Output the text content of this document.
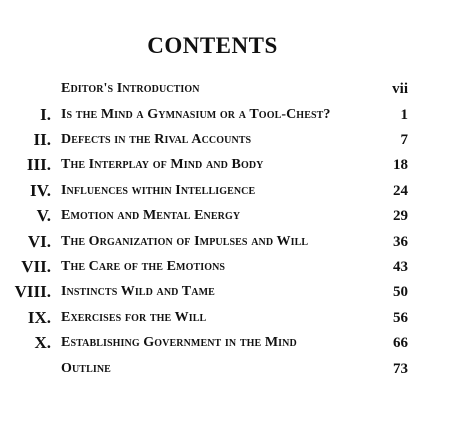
CONTENTS
Editor's Introduction	vii
I. Is the Mind a Gymnasium or a Tool-Chest?	1
II. Defects in the Rival Accounts	7
III. The Interplay of Mind and Body	18
IV. Influences within Intelligence	24
V. Emotion and Mental Energy	29
VI. The Organization of Impulses and Will	36
VII. The Care of the Emotions	43
VIII. Instincts Wild and Tame	50
IX. Exercises for the Will	56
X. Establishing Government in the Mind	66
Outline	73
